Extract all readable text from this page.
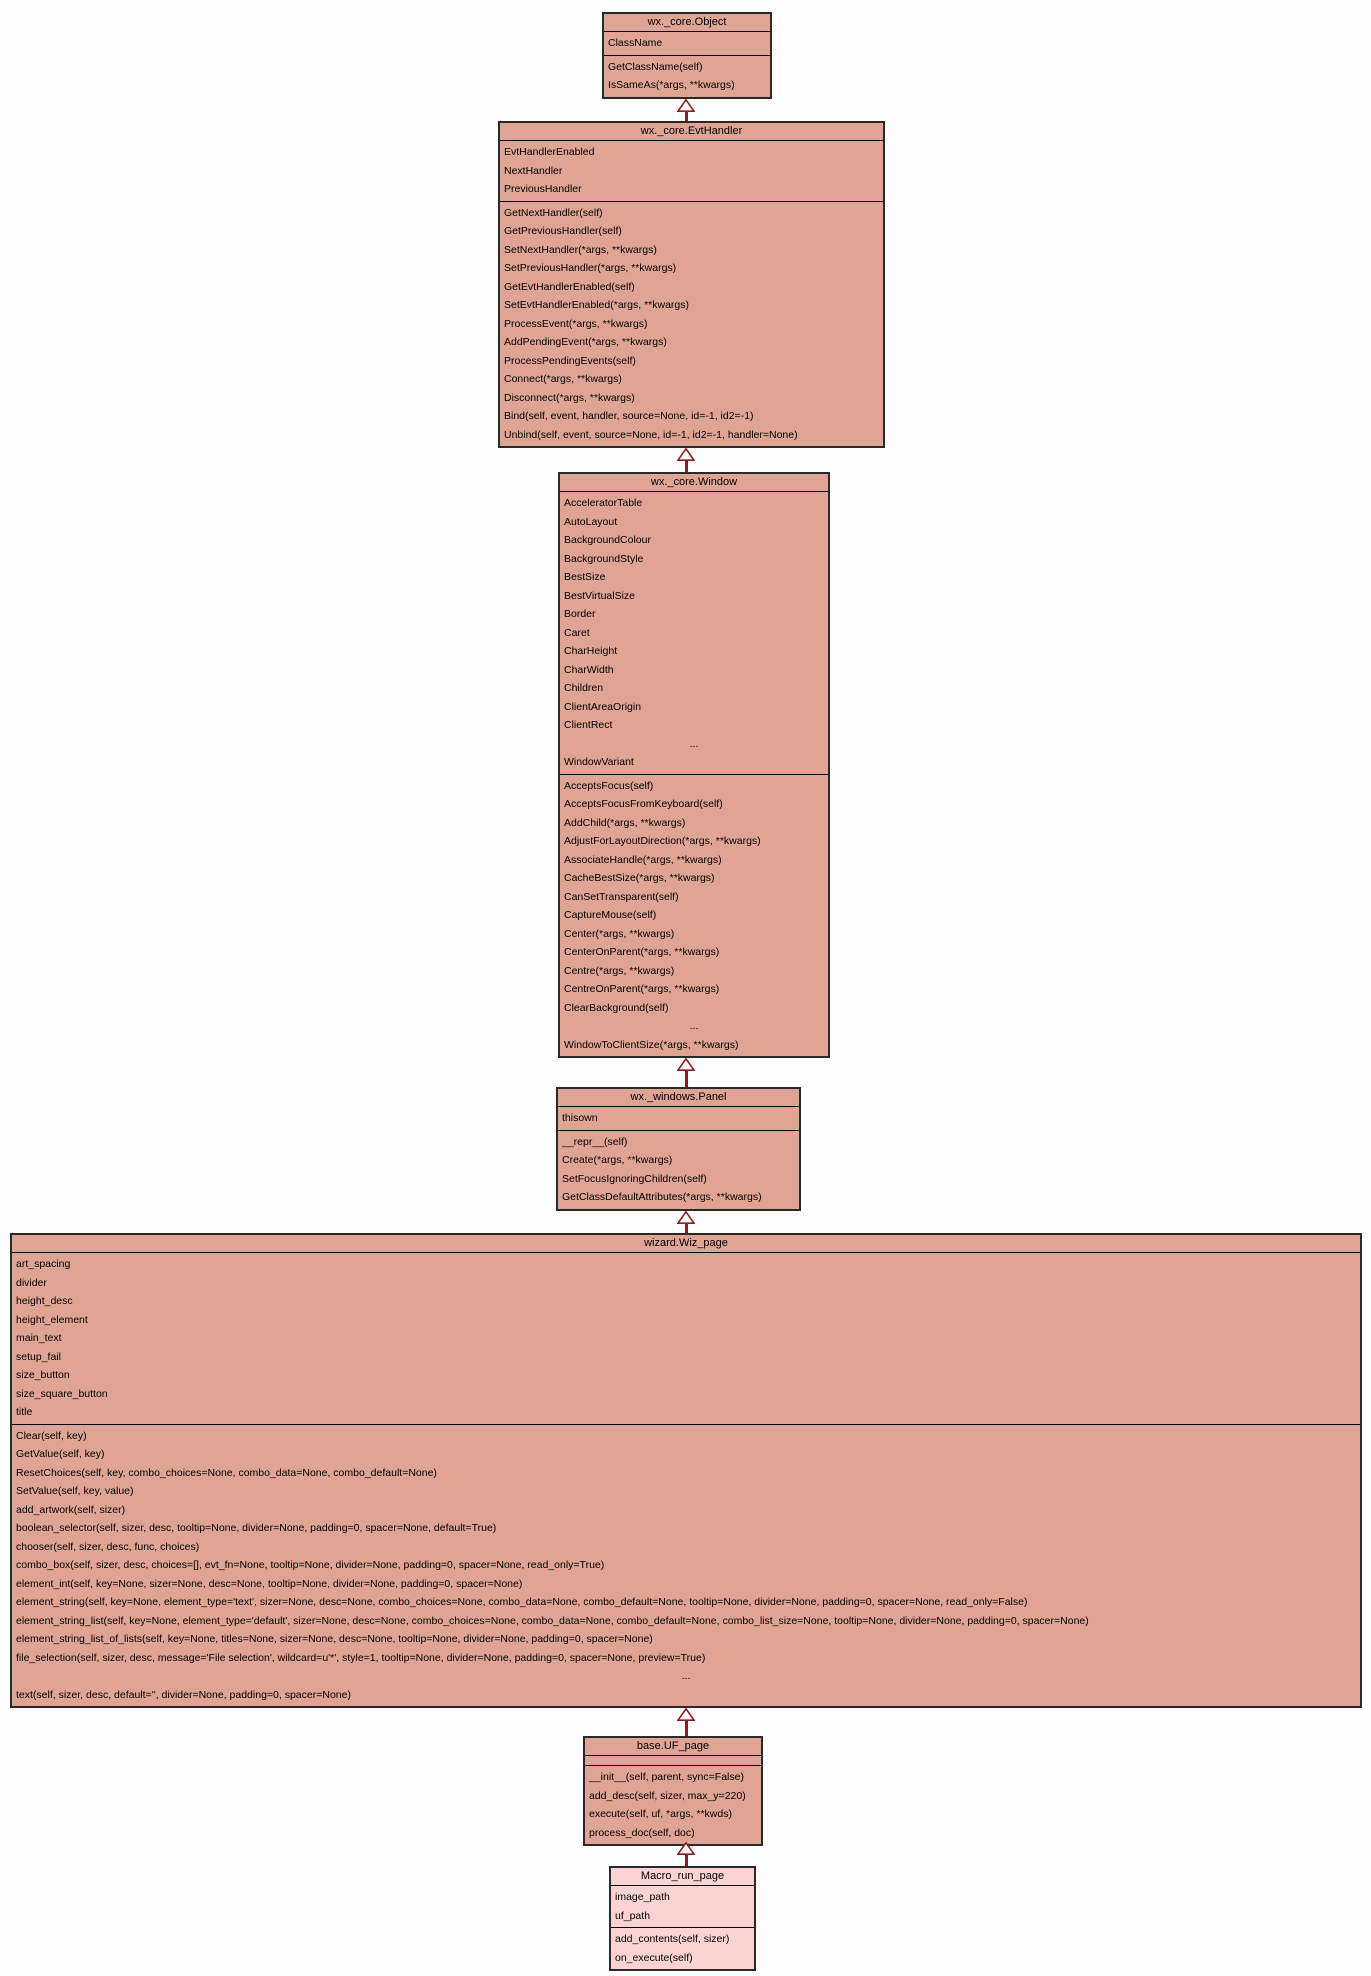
wx._core.Object
ClassName
GetClassName(self)
IsSameAs(*args, **kwargs)
wx._core.EvtHandler
EvtHandlerEnabled
NextHandler
PreviousHandler
GetNextHandler(self)
GetPreviousHandler(self)
SetNextHandler(*args, **kwargs)
SetPreviousHandler(*args, **kwargs)
GetEvtHandlerEnabled(self)
SetEvtHandlerEnabled(*args, **kwargs)
ProcessEvent(*args, **kwargs)
AddPendingEvent(*args, **kwargs)
ProcessPendingEvents(self)
Connect(*args, **kwargs)
Disconnect(*args, **kwargs)
Bind(self, event, handler, source=None, id=-1, id2=-1)
Unbind(self, event, source=None, id=-1, id2=-1, handler=None)
wx._core.Window
AcceleratorTable
AutoLayout
BackgroundColour
BackgroundStyle
BestSize
BestVirtualSize
Border
Caret
CharHeight
CharWidth
Children
ClientAreaOrigin
ClientRect
...
WindowVariant
AcceptsFocus(self)
AcceptsFocusFromKeyboard(self)
AddChild(*args, **kwargs)
AdjustForLayoutDirection(*args, **kwargs)
AssociateHandle(*args, **kwargs)
CacheBestSize(*args, **kwargs)
CanSetTransparent(self)
CaptureMouse(self)
Center(*args, **kwargs)
CenterOnParent(*args, **kwargs)
Centre(*args, **kwargs)
CentreOnParent(*args, **kwargs)
ClearBackground(self)
...
WindowToClientSize(*args, **kwargs)
wx._windows.Panel
thisown
__repr__(self)
Create(*args, **kwargs)
SetFocusIgnoringChildren(self)
GetClassDefaultAttributes(*args, **kwargs)
wizard.Wiz_page
art_spacing
divider
height_desc
height_element
main_text
setup_fail
size_button
size_square_button
title
Clear(self, key)
GetValue(self, key)
ResetChoices(self, key, combo_choices=None, combo_data=None, combo_default=None)
SetValue(self, key, value)
add_artwork(self, sizer)
boolean_selector(self, sizer, desc, tooltip=None, divider=None, padding=0, spacer=None, default=True)
chooser(self, sizer, desc, func, choices)
combo_box(self, sizer, desc, choices=[], evt_fn=None, tooltip=None, divider=None, padding=0, spacer=None, read_only=True)
element_int(self, key=None, sizer=None, desc=None, tooltip=None, divider=None, padding=0, spacer=None)
element_string(self, key=None, element_type='text', sizer=None, desc=None, combo_choices=None, combo_data=None, combo_default=None, tooltip=None, divider=None, padding=0, spacer=None, read_only=False)
element_string_list(self, key=None, element_type='default', sizer=None, desc=None, combo_choices=None, combo_data=None, combo_default=None, combo_list_size=None, tooltip=None, divider=None, padding=0, spacer=None)
element_string_list_of_lists(self, key=None, titles=None, sizer=None, desc=None, tooltip=None, divider=None, padding=0, spacer=None)
file_selection(self, sizer, desc, message='File selection', wildcard=u'*', style=1, tooltip=None, divider=None, padding=0, spacer=None, preview=True)
...
text(self, sizer, desc, default='', divider=None, padding=0, spacer=None)
base.UF_page
__init__(self, parent, sync=False)
add_desc(self, sizer, max_y=220)
execute(self, uf, *args, **kwds)
process_doc(self, doc)
Macro_run_page
image_path
uf_path
add_contents(self, sizer)
on_execute(self)
